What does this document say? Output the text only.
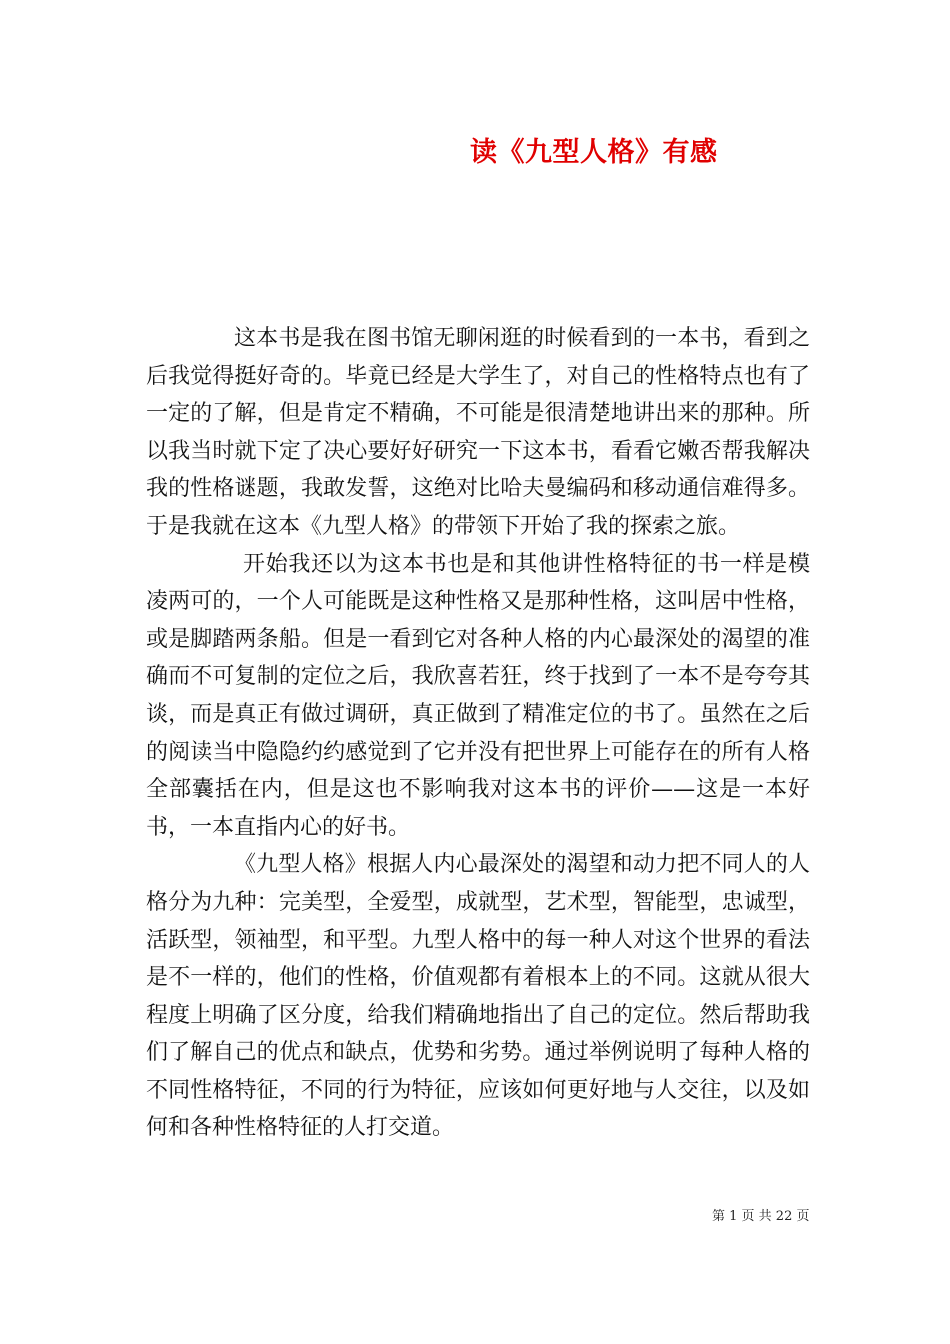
读《九型人格》有感

这本书是我在图书馆无聊闲逛的时候看到的一本书，看到之后我觉得挺好奇的。毕竟已经是大学生了，对自己的性格特点也有了一定的了解，但是肯定不精确，不可能是很清楚地讲出来的那种。所以我当时就下定了决心要好好研究一下这本书，看看它嫩否帮我解决我的性格谜题，我敢发誓，这绝对比哈夫曼编码和移动通信难得多。于是我就在这本《九型人格》的带领下开始了我的探索之旅。

开始我还以为这本书也是和其他讲性格特征的书一样是模凌两可的，一个人可能既是这种性格又是那种性格，这叫居中性格，或是脚踏两条船。但是一看到它对各种人格的内心最深处的渴望的准确而不可复制的定位之后，我欣喜若狂，终于找到了一本不是夸夸其谈，而是真正有做过调研，真正做到了精准定位的书了。虽然在之后的阅读当中隐隐约约感觉到了它并没有把世界上可能存在的所有人格全部囊括在内，但是这也不影响我对这本书的评价——这是一本好书，一本直指内心的好书。

《九型人格》根据人内心最深处的渴望和动力把不同人的人格分为九种：完美型，全爱型，成就型，艺术型，智能型，忠诚型，活跃型，领袖型，和平型。九型人格中的每一种人对这个世界的看法是不一样的，他们的性格，价值观都有着根本上的不同。这就从很大程度上明确了区分度，给我们精确地指出了自己的定位。然后帮助我们了解自己的优点和缺点，优势和劣势。通过举例说明了每种人格的不同性格特征，不同的行为特征，应该如何更好地与人交往，以及如何和各种性格特征的人打交道。

第 1 页 共 22 页
